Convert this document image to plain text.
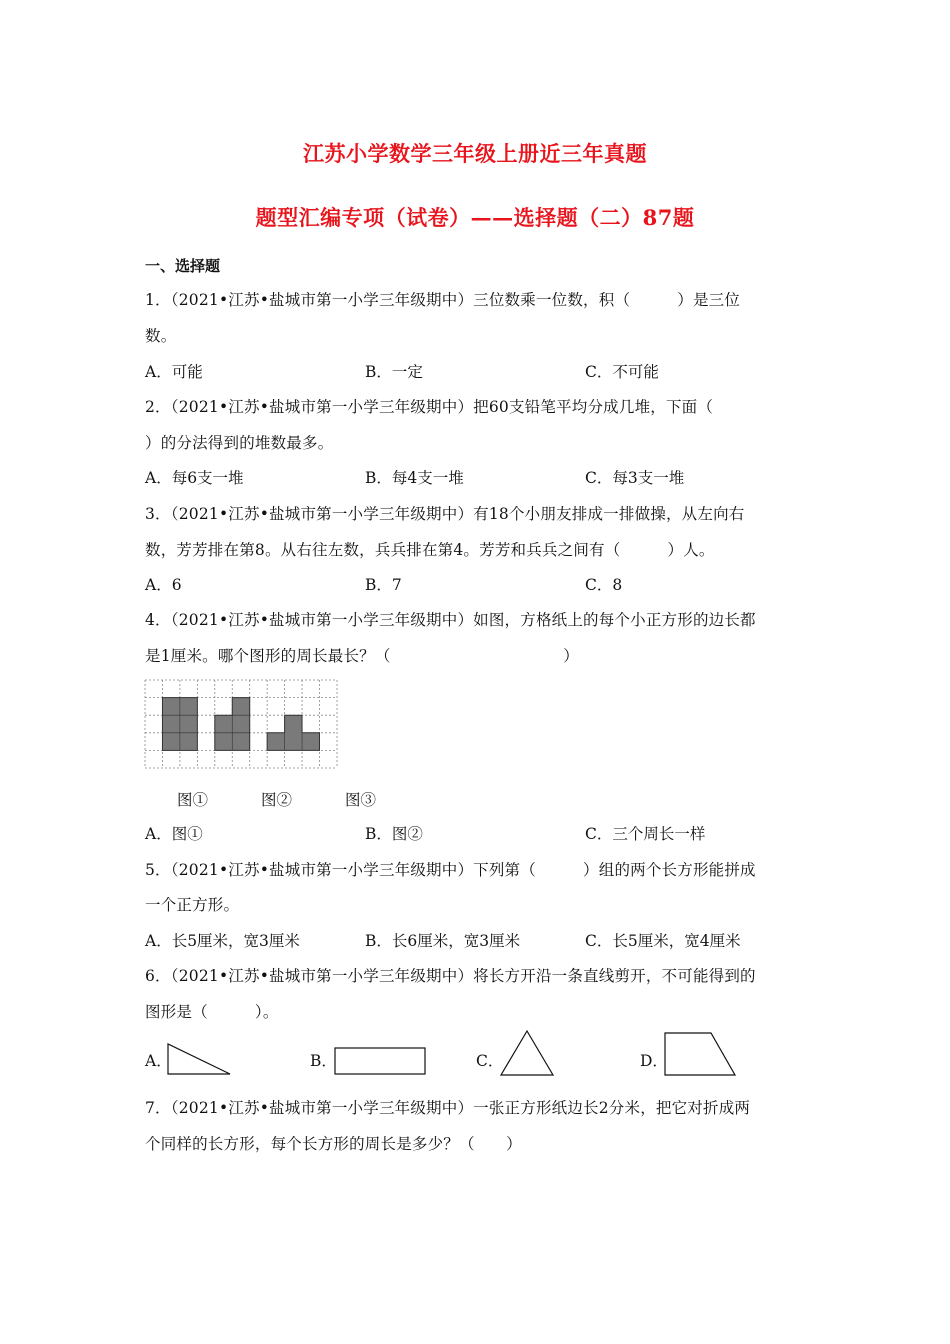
江苏小学数学三年级上册近三年真题
题型汇编专项（试卷）——选择题（二）87题
一、选择题
1．（2021•江苏•盐城市第一小学三年级期中）三位数乘一位数，积（　　　）是三位
数。
A．可能	B．一定	C．不可能
2．（2021•江苏•盐城市第一小学三年级期中）把60支铅笔平均分成几堆，下面（
）的分法得到的堆数最多。
A．每6支一堆	B．每4支一堆	C．每3支一堆
3．（2021•江苏•盐城市第一小学三年级期中）有18个小朋友排成一排做操，从左向右
数，芳芳排在第8。从右往左数，兵兵排在第4。芳芳和兵兵之间有（　　　）人。
A．6	B．7	C．8
4．（2021•江苏•盐城市第一小学三年级期中）如图，方格纸上的每个小正方形的边长都
是1厘米。哪个图形的周长最长？（　　　　　　　　　　　）
图①	图②	图③
A．图①	B．图②	C．三个周长一样
5．（2021•江苏•盐城市第一小学三年级期中）下列第（　　　）组的两个长方形能拼成
一个正方形。
A．长5厘米，宽3厘米	B．长6厘米，宽3厘米	C．长5厘米，宽4厘米
6．（2021•江苏•盐城市第一小学三年级期中）将长方开沿一条直线剪开，不可能得到的
图形是（　　　）。
A．	B．	C．	D．
7．（2021•江苏•盐城市第一小学三年级期中）一张正方形纸边长2分米，把它对折成两
个同样的长方形，每个长方形的周长是多少？（　　）
